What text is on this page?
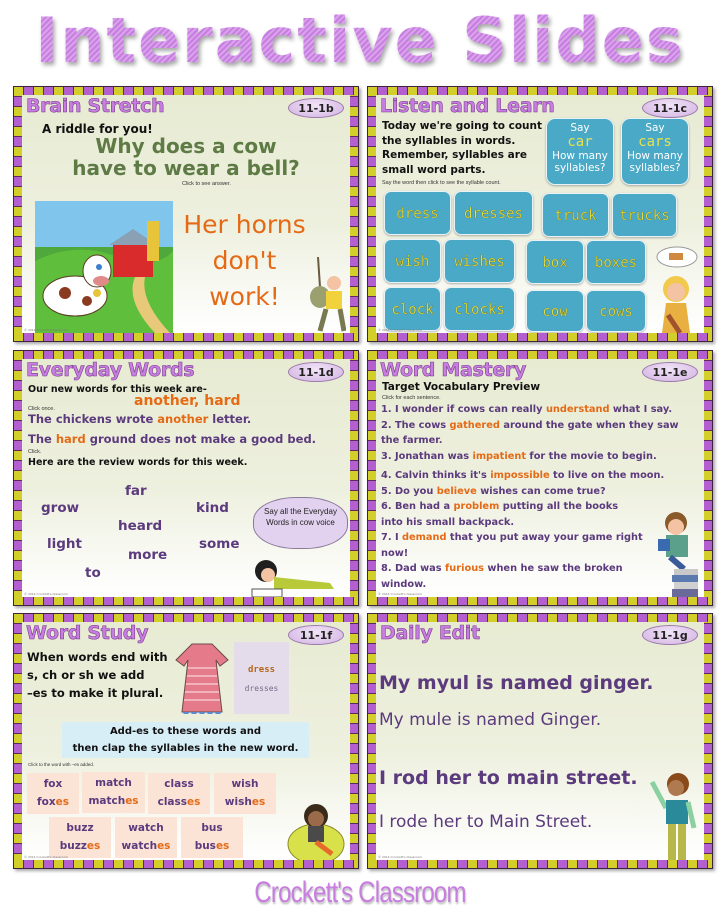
Interactive Slides
Brain Stretch	11-1b
A riddle for you!
Why does a cow
have to wear a bell?
Click to see answer.
Her horns
don't
work!
© 2014 Crockett's Classroom
Listen and Learn	11-1c
Today we're going to count
the syllables in words.
Remember, syllables are
small word parts.
Say the word then click to see the syllable count.
Say
car
How many
syllables?
Say
cars
How many
syllables?
dress	dresses	truck	trucks
wish	wishes	box	boxes
clock	clocks	cow	cows
© 2014 Crockett's Classroom
Everyday Words	11-1d
Our new words for this week are-
another, hard
Click once.
The chickens wrote another letter.
The hard ground does not make a good bed.
Click.
Here are the review words for this week.
far
grow	kind
heard
light	some
more
to
Say all the Everyday Words in cow voice
© 2014 Crockett's Classroom
Word Mastery	11-1e
Target Vocabulary Preview
Click for each sentence.
1. I wonder if cows can really understand what I say.
2. The cows gathered around the gate when they saw the farmer.
3. Jonathan was impatient for the movie to begin.
4. Calvin thinks it's impossible to live on the moon.
5. Do you believe wishes can come true?
6. Ben had a problem putting all the books into his small backpack.
7. I demand that you put away your game right now!
8. Dad was furious when he saw the broken window.
© 2014 Crockett's Classroom
Word Study	11-1f
When words end with
s, ch or sh we add
–es to make it plural.
dress
dresses
Add-es to these words and
then clap the syllables in the new word.
Click to the word with –es added.
fox
foxes
match
matches
class
classes
wish
wishes
buzz
buzzes
watch
watches
bus
buses
© 2014 Crockett's Classroom
Daily Edit	11-1g
My myul is named ginger.
My mule is named Ginger.
I rod her to main street.
I rode her to Main Street.
© 2014 Crockett's Classroom
Crockett's Classroom
